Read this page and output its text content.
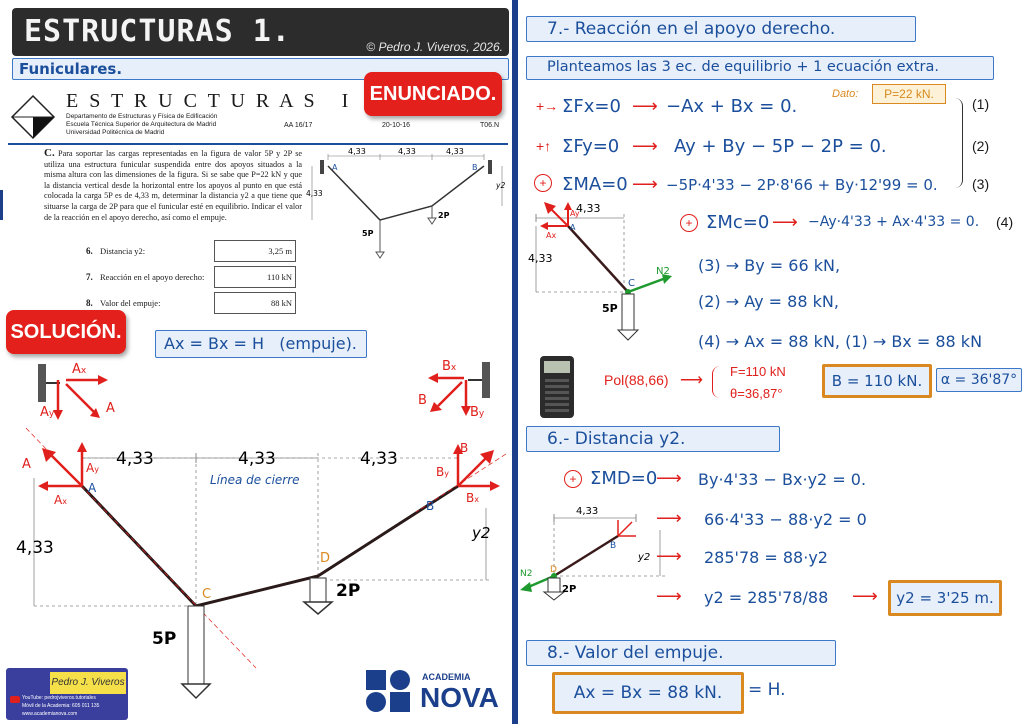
ESTRUCTURAS 1.	© Pedro J. Viveros, 2026.
Funiculares.
E S T R U C T U R A S   I
Departamento de Estructuras y Física de Edificación
Escuela Técnica Superior de Arquitectura de Madrid
Universidad Politécnica de Madrid
AA 16/17	20-10-16	T06.N
ENUNCIADO.
C. Para soportar las cargas representadas en la figura de valor 5P y 2P se utiliza una estructura funicular suspendida entre dos apoyos situados a la misma altura con las dimensiones de la figura. Si se sabe que P=22 kN y que la distancia vertical desde la horizontal entre los apoyos al punto en que está colocada la carga 5P es de 4,33 m, determinar la distancia y2 a que tiene que situarse la carga de 2P para que el funicular esté en equilibrio. Indicar el valor de la reacción en el apoyo derecho, así como el empuje.
6. Distancia y2:	3,25 m
7. Reacción en el apoyo derecho:	110 kN
8. Valor del empuje:	88 kN
4,33	4,33	4,33
A	B
5P
2P
4,33
y2
SOLUCIÓN.
Ax = Bx = H   (empuje).
Ax
Ay	A
Bx
B
By
Línea de cierre
4,33	4,33	4,33
4,33
y2
5P
2P
C
D
A
B
A	Ay
Ax
B
By
Bx
Pedro J. Viveros
YouTube: pedrojviveros.tutoriales
Móvil de la Academia: 605 011 135
www.academianova.com
ACADEMIA
NOVA
7.- Reacción en el apoyo derecho.
Planteamos las 3 ec. de equilibrio + 1 ecuación extra.
Dato:	P=22 kN.
+→ ΣFx=0 ⟶ −Ax + Bx = 0.	(1)
+↑ ΣFy=0 ⟶ Ay + By − 5P − 2P = 0.	(2)
+ ΣMA=0 ⟶ −5P·4'33 − 2P·8'66 + By·12'99 = 0. (3)
+ ΣMc=0 ⟶ −Ay·4'33 + Ax·4'33 = 0. (4)
4,33
4,33
Ax
Ay
A
N2
C
5P
(3) → By = 66 kN,
(2) → Ay = 88 kN,
(4) → Ax = 88 kN, (1) → Bx = 88 kN
Pol(88,66) ⟶
F=110 kN
θ=36,87°
B = 110 kN.	α = 36'87°
6.- Distancia y2.
+ ΣMD=0
⟶ By·4'33 − Bx·y2 = 0.
4,33
y2
B
N2 D
2P
⟶ 66·4'33 − 88·y2 = 0
⟶ 285'78 = 88·y2
⟶ y2 = 285'78/88 ⟶	y2 = 3'25 m.
8.- Valor del empuje.
Ax = Bx = 88 kN.	= H.
